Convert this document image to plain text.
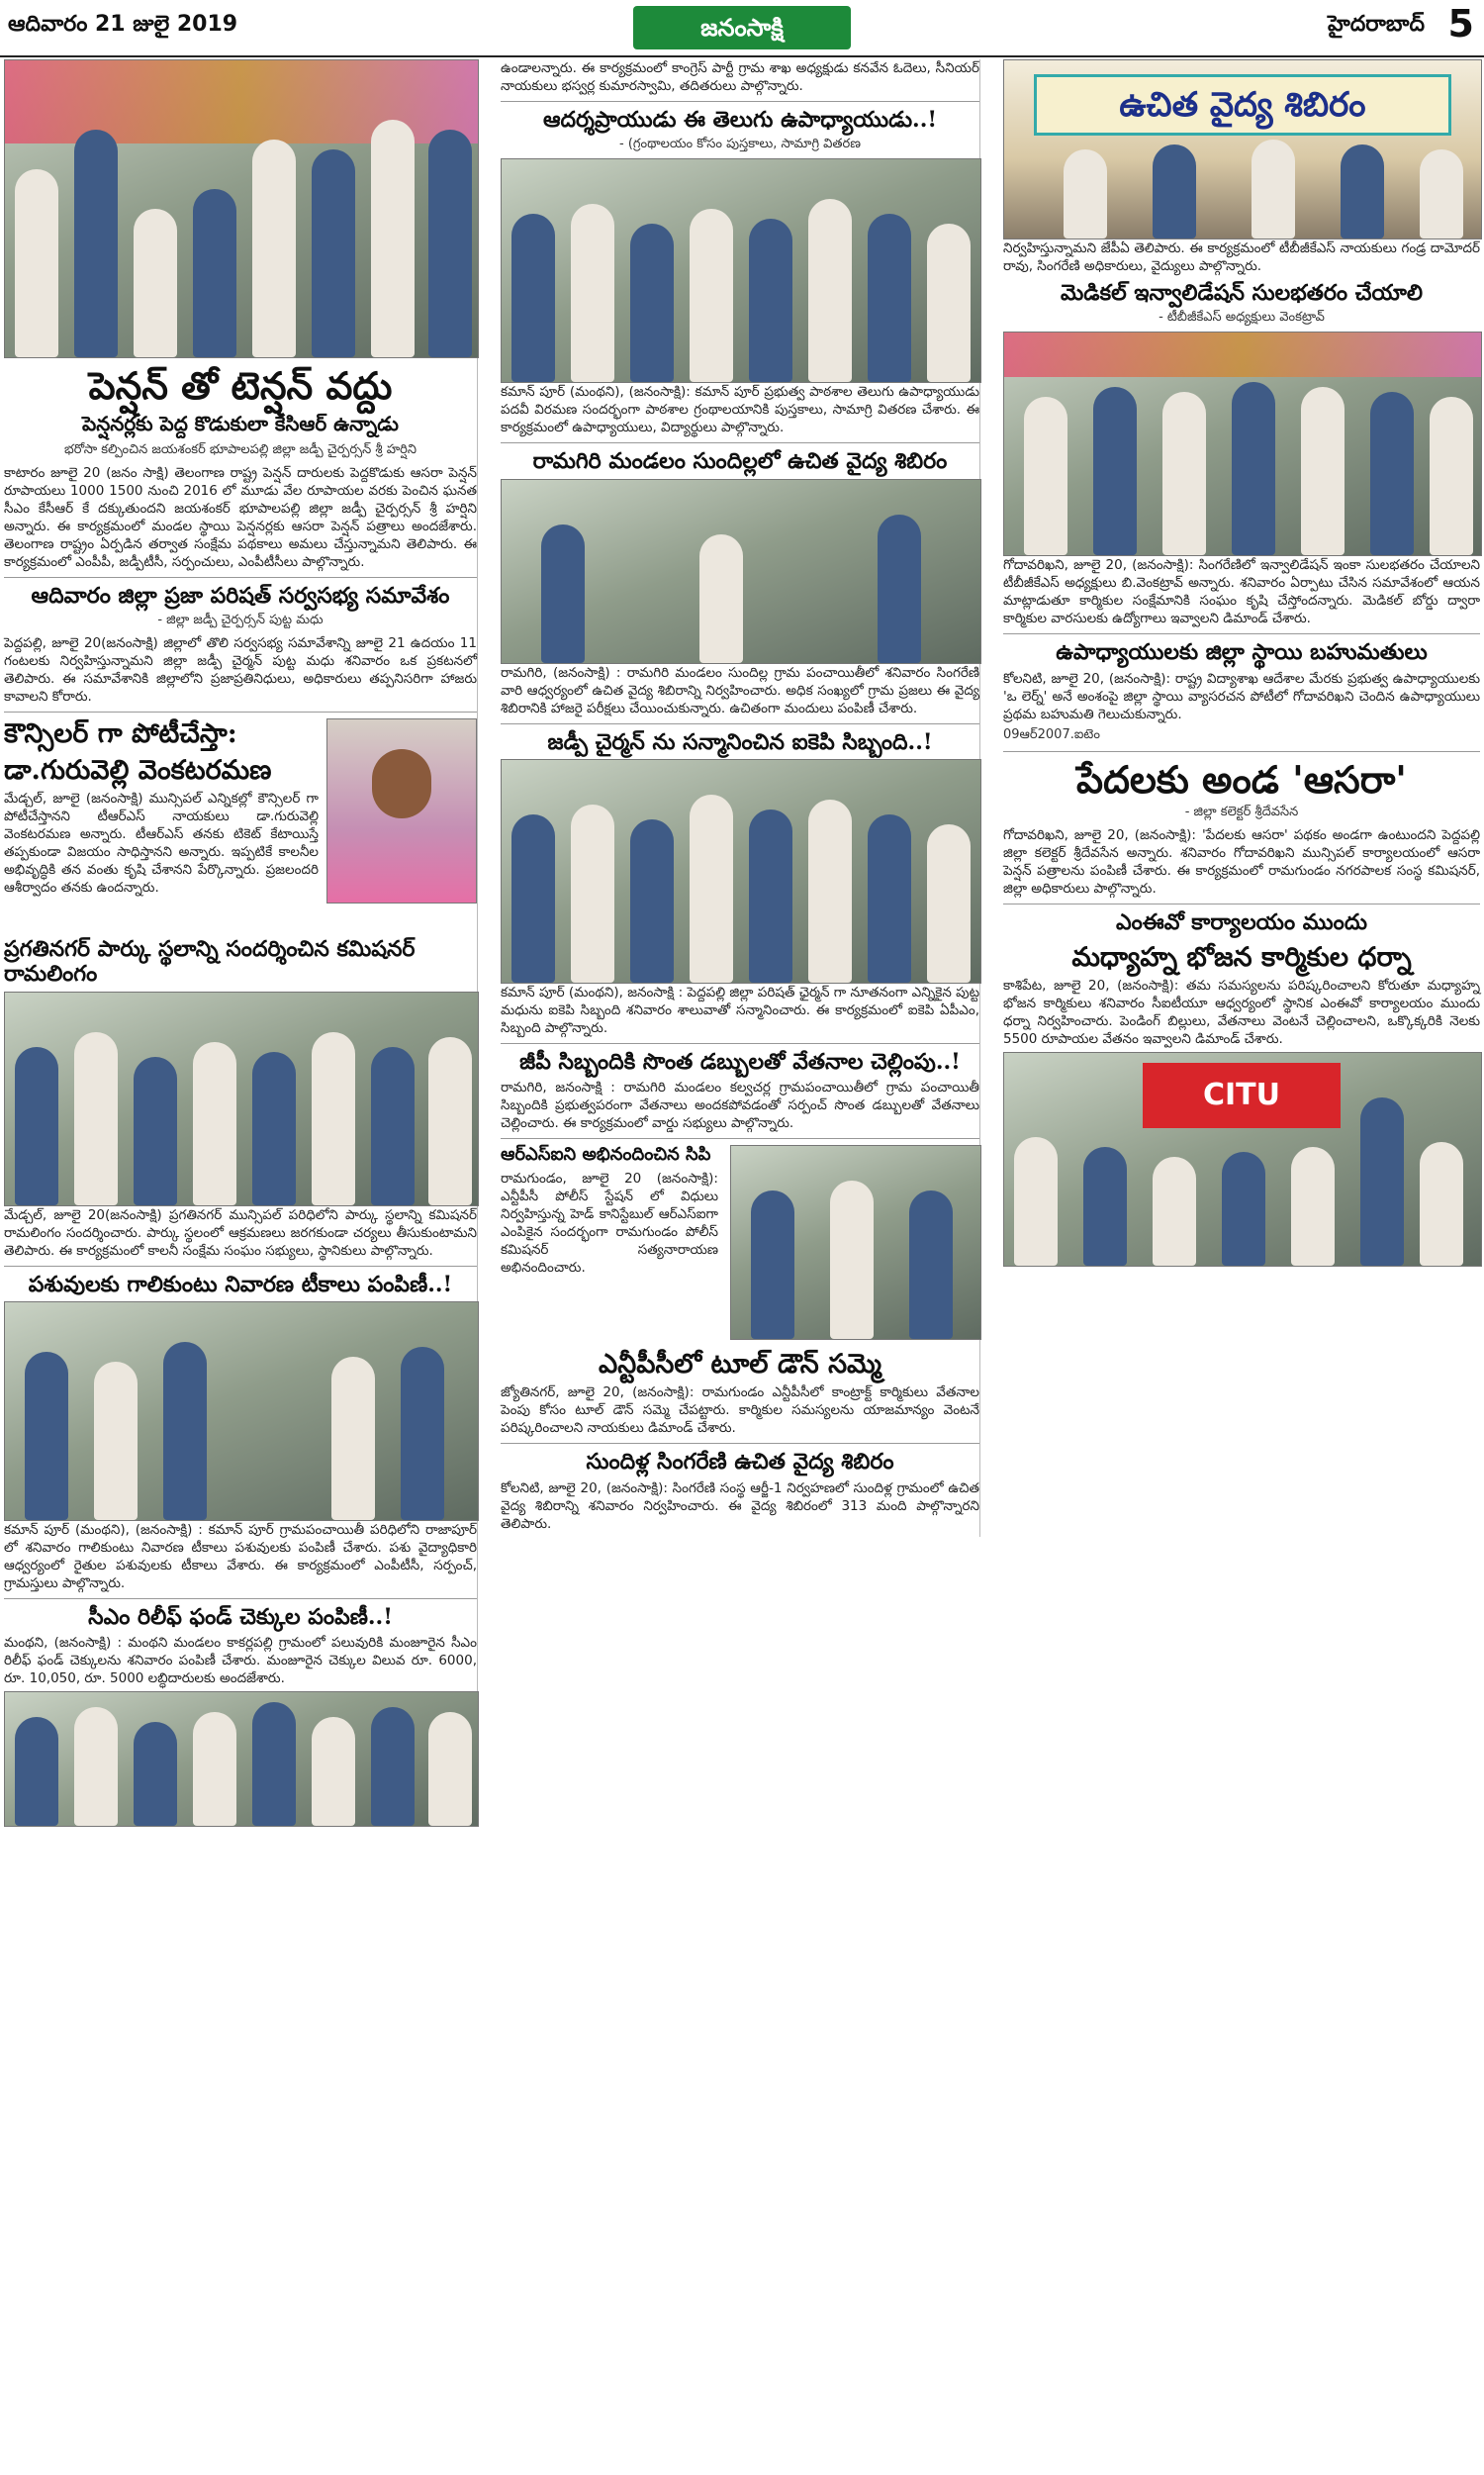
ఆదివారం 21 జులై 2019	జనంసాక్షి	హైదరాబాద్ 5
పెన్షన్ తో టెన్షన్ వద్దు
పెన్షనర్లకు పెద్ద కొడుకులా కెసిఆర్ ఉన్నాడు
భరోసా కల్పించిన జయశంకర్ భూపాలపల్లి జిల్లా జడ్పీ చైర్పర్సన్ శ్రీ హర్షిని

కాటారం జూలై 20 (జనం సాక్షి) తెలంగాణ రాష్ట్ర పెన్షన్ దారులకు పెద్దకొడుకు ఆసరా పెన్షన్ రూపాయలు 1000 1500 నుంచి 2016 లో మూడు వేల రూపాయల వరకు పెంచిన ఘనత సీఎం కేసీఆర్ కే దక్కుతుందని జయశంకర్ భూపాలపల్లి జిల్లా జడ్పీ చైర్పర్సన్ శ్రీ హర్షిని అన్నారు. ఈ కార్యక్రమంలో మండల స్థాయి పెన్షనర్లకు ఆసరా పెన్షన్ పత్రాలు అందజేశారు. తెలంగాణ రాష్ట్రం ఏర్పడిన తర్వాత సంక్షేమ పథకాలు అమలు చేస్తున్నామని తెలిపారు. ఈ కార్యక్రమంలో ఎంపీపీ, జడ్పీటీసీ, సర్పంచులు, ఎంపీటీసీలు పాల్గొన్నారు.

ఆదివారం జిల్లా ప్రజా పరిషత్ సర్వసభ్య సమావేశం
- జిల్లా జడ్పీ చైర్పర్సన్ పుట్ట మధు

పెద్దపల్లి, జూలై 20(జనంసాక్షి) జిల్లాలో తొలి సర్వసభ్య సమావేశాన్ని జూలై 21 ఉదయం 11 గంటలకు నిర్వహిస్తున్నామని జిల్లా జడ్పీ చైర్మన్ పుట్ట మధు శనివారం ఒక ప్రకటనలో తెలిపారు. ఈ సమావేశానికి జిల్లాలోని ప్రజాప్రతినిధులు, అధికారులు తప్పనిసరిగా హాజరు కావాలని కోరారు.

కౌన్సిలర్ గా పోటీచేస్తా:
డా.గురువెల్లి వెంకటరమణ

మేడ్చల్, జూలై (జనంసాక్షి) మున్సిపల్ ఎన్నికల్లో కౌన్సిలర్ గా పోటీచేస్తానని టీఆర్ఎస్ నాయకులు డా.గురువెల్లి వెంకటరమణ అన్నారు. టీఆర్ఎస్ తనకు టికెట్ కేటాయిస్తే తప్పకుండా విజయం సాధిస్తానని అన్నారు. ఇప్పటికే కాలనీల అభివృద్ధికి తన వంతు కృషి చేశానని పేర్కొన్నారు. ప్రజలందరి ఆశీర్వాదం తనకు ఉందన్నారు.

ప్రగతినగర్ పార్కు స్థలాన్ని సందర్శించిన కమిషనర్ రామలింగం

మేడ్చల్, జూలై 20(జనంసాక్షి) ప్రగతినగర్ మున్సిపల్ పరిధిలోని పార్కు స్థలాన్ని కమిషనర్ రామలింగం సందర్శించారు. పార్కు స్థలంలో ఆక్రమణలు జరగకుండా చర్యలు తీసుకుంటామని తెలిపారు. ఈ కార్యక్రమంలో కాలనీ సంక్షేమ సంఘం సభ్యులు, స్థానికులు పాల్గొన్నారు.

పశువులకు గాలికుంటు నివారణ టీకాలు పంపిణీ..!

కమాన్ పూర్ (మంథని), (జనంసాక్షి) : కమాన్ పూర్ గ్రామపంచాయితీ పరిధిలోని రాజాపూర్ లో శనివారం గాలికుంటు నివారణ టీకాలు పశువులకు పంపిణీ చేశారు. పశు వైద్యాధికారి ఆధ్వర్యంలో రైతుల పశువులకు టీకాలు వేశారు. ఈ కార్యక్రమంలో ఎంపీటీసీ, సర్పంచ్, గ్రామస్తులు పాల్గొన్నారు.

సీఎం రిలీఫ్ ఫండ్ చెక్కుల పంపిణీ..!

మంథని, (జనంసాక్షి) : మంథని మండలం కాకర్లపల్లి గ్రామంలో పలువురికి మంజూరైన సీఎం రిలీఫ్ ఫండ్ చెక్కులను శనివారం పంపిణీ చేశారు. మంజూరైన చెక్కుల విలువ రూ. 6000, రూ. 10,050, రూ. 5000 లబ్ధిదారులకు అందజేశారు.

ఉండాలన్నారు. ఈ కార్యక్రమంలో కాంగ్రెస్ పార్టీ గ్రామ శాఖ అధ్యక్షుడు కనవేన ఓదెలు, సీనియర్ నాయకులు భస్వర్ల కుమారస్వామి, తదితరులు పాల్గొన్నారు.

ఆదర్శప్రాయుడు ఈ తెలుగు ఉపాధ్యాయుడు..!
- (గ్రంథాలయం కోసం పుస్తకాలు, సామాగ్రి వితరణ

కమాన్ పూర్ (మంథని), (జనంసాక్షి): కమాన్ పూర్ ప్రభుత్వ పాఠశాల తెలుగు ఉపాధ్యాయుడు పదవీ విరమణ సందర్భంగా పాఠశాల గ్రంథాలయానికి పుస్తకాలు, సామాగ్రి వితరణ చేశారు. ఈ కార్యక్రమంలో ఉపాధ్యాయులు, విద్యార్థులు పాల్గొన్నారు.

రామగిరి మండలం సుందిల్లలో ఉచిత వైద్య శిబిరం

రామగిరి, (జనంసాక్షి) : రామగిరి మండలం సుందిల్ల గ్రామ పంచాయితీలో శనివారం సింగరేణి వారి ఆధ్వర్యంలో ఉచిత వైద్య శిబిరాన్ని నిర్వహించారు. అధిక సంఖ్యలో గ్రామ ప్రజలు ఈ వైద్య శిబిరానికి హాజరై పరీక్షలు చేయించుకున్నారు. ఉచితంగా మందులు పంపిణీ చేశారు.

జడ్పీ చైర్మన్ ను సన్మానించిన ఐకెపి సిబ్బంది..!

కమాన్ పూర్ (మంథని), జనంసాక్షి : పెద్దపల్లి జిల్లా పరిషత్ ఛైర్మన్ గా నూతనంగా ఎన్నికైన పుట్ట మధును ఐకెపి సిబ్బంది శనివారం శాలువాతో సన్మానించారు. ఈ కార్యక్రమంలో ఐకెపి ఏపీఎం, సిబ్బంది పాల్గొన్నారు.

జీపీ సిబ్బందికి సొంత డబ్బులతో వేతనాల చెల్లింపు..!

రామగిరి, జనంసాక్షి : రామగిరి మండలం కల్వచర్ల గ్రామపంచాయితీలో గ్రామ పంచాయితీ సిబ్బందికి ప్రభుత్వపరంగా వేతనాలు అందకపోవడంతో సర్పంచ్ సొంత డబ్బులతో వేతనాలు చెల్లించారు. ఈ కార్యక్రమంలో వార్డు సభ్యులు పాల్గొన్నారు.

ఆర్ఎస్ఐని అభినందించిన సిపి

రామగుండం, జూలై 20 (జనంసాక్షి): ఎన్టీపీసీ పోలీస్ స్టేషన్ లో విధులు నిర్వహిస్తున్న హెడ్ కానిస్టేబుల్ ఆర్ఎస్ఐగా ఎంపికైన సందర్భంగా రామగుండం పోలీస్ కమిషనర్ సత్యనారాయణ అభినందించారు.

ఎన్టీపీసీలో టూల్ డౌన్ సమ్మె

జ్యోతినగర్, జూలై 20, (జనంసాక్షి): రామగుండం ఎన్టీపీసీలో కాంట్రాక్ట్ కార్మికులు వేతనాల పెంపు కోసం టూల్ డౌన్ సమ్మె చేపట్టారు. కార్మికుల సమస్యలను యాజమాన్యం వెంటనే పరిష్కరించాలని నాయకులు డిమాండ్ చేశారు.

సుందిళ్ల సింగరేణి ఉచిత వైద్య శిబిరం

కోలనిటి, జూలై 20, (జనంసాక్షి): సింగరేణి సంస్థ ఆర్జీ-1 నిర్వహణలో సుందిళ్ల గ్రామంలో ఉచిత వైద్య శిబిరాన్ని శనివారం నిర్వహించారు. ఈ వైద్య శిబిరంలో 313 మంది పాల్గొన్నారని తెలిపారు.

ఉచిత వైద్య శిబిరం

నిర్వహిస్తున్నామని జేపీఏ తెలిపారు. ఈ కార్యక్రమంలో టీబీజీకేఎస్ నాయకులు గండ్ర దామోదర్ రావు, సింగరేణి అధికారులు, వైద్యులు పాల్గొన్నారు.

మెడికల్ ఇన్వాలిడేషన్ సులభతరం చేయాలి
- టీబీజీకేఎస్ అధ్యక్షులు వెంకట్రావ్

గోదావరిఖని, జూలై 20, (జనంసాక్షి): సింగరేణిలో ఇన్వాలిడేషన్ ఇంకా సులభతరం చేయాలని టీబీజీకేఎస్ అధ్యక్షులు బి.వెంకట్రావ్ అన్నారు. శనివారం ఏర్పాటు చేసిన సమావేశంలో ఆయన మాట్లాడుతూ కార్మికుల సంక్షేమానికి సంఘం కృషి చేస్తోందన్నారు. మెడికల్ బోర్డు ద్వారా కార్మికుల వారసులకు ఉద్యోగాలు ఇవ్వాలని డిమాండ్ చేశారు.

ఉపాధ్యాయులకు జిల్లా స్థాయి బహుమతులు

కోలనిటి, జూలై 20, (జనంసాక్షి): రాష్ట్ర విద్యాశాఖ ఆదేశాల మేరకు ప్రభుత్వ ఉపాధ్యాయులకు 'ఒ లెర్న్' అనే అంశంపై జిల్లా స్థాయి వ్యాసరచన పోటీలో గోదావరిఖని చెందిన ఉపాధ్యాయులు ప్రథమ బహుమతి గెలుచుకున్నారు.

09ఆర్2007.ఐటెం
పేదలకు అండ 'ఆసరా'
- జిల్లా కలెక్టర్ శ్రీదేవసేన

గోదావరిఖని, జూలై 20, (జనంసాక్షి): 'పేదలకు ఆసరా' పథకం అండగా ఉంటుందని పెద్దపల్లి జిల్లా కలెక్టర్ శ్రీదేవసేన అన్నారు. శనివారం గోదావరిఖని మున్సిపల్ కార్యాలయంలో ఆసరా పెన్షన్ పత్రాలను పంపిణీ చేశారు. ఈ కార్యక్రమంలో రామగుండం నగరపాలక సంస్థ కమిషనర్, జిల్లా అధికారులు పాల్గొన్నారు.

ఎంఈవో కార్యాలయం ముందు
మధ్యాహ్న భోజన కార్మికుల ధర్నా

కాశిపేట, జూలై 20, (జనంసాక్షి): తమ సమస్యలను పరిష్కరించాలని కోరుతూ మధ్యాహ్న భోజన కార్మికులు శనివారం సీఐటీయూ ఆధ్వర్యంలో స్థానిక ఎంఈవో కార్యాలయం ముందు ధర్నా నిర్వహించారు. పెండింగ్ బిల్లులు, వేతనాలు వెంటనే చెల్లించాలని, ఒక్కొక్కరికి నెలకు 5500 రూపాయల వేతనం ఇవ్వాలని డిమాండ్ చేశారు.

CITU
